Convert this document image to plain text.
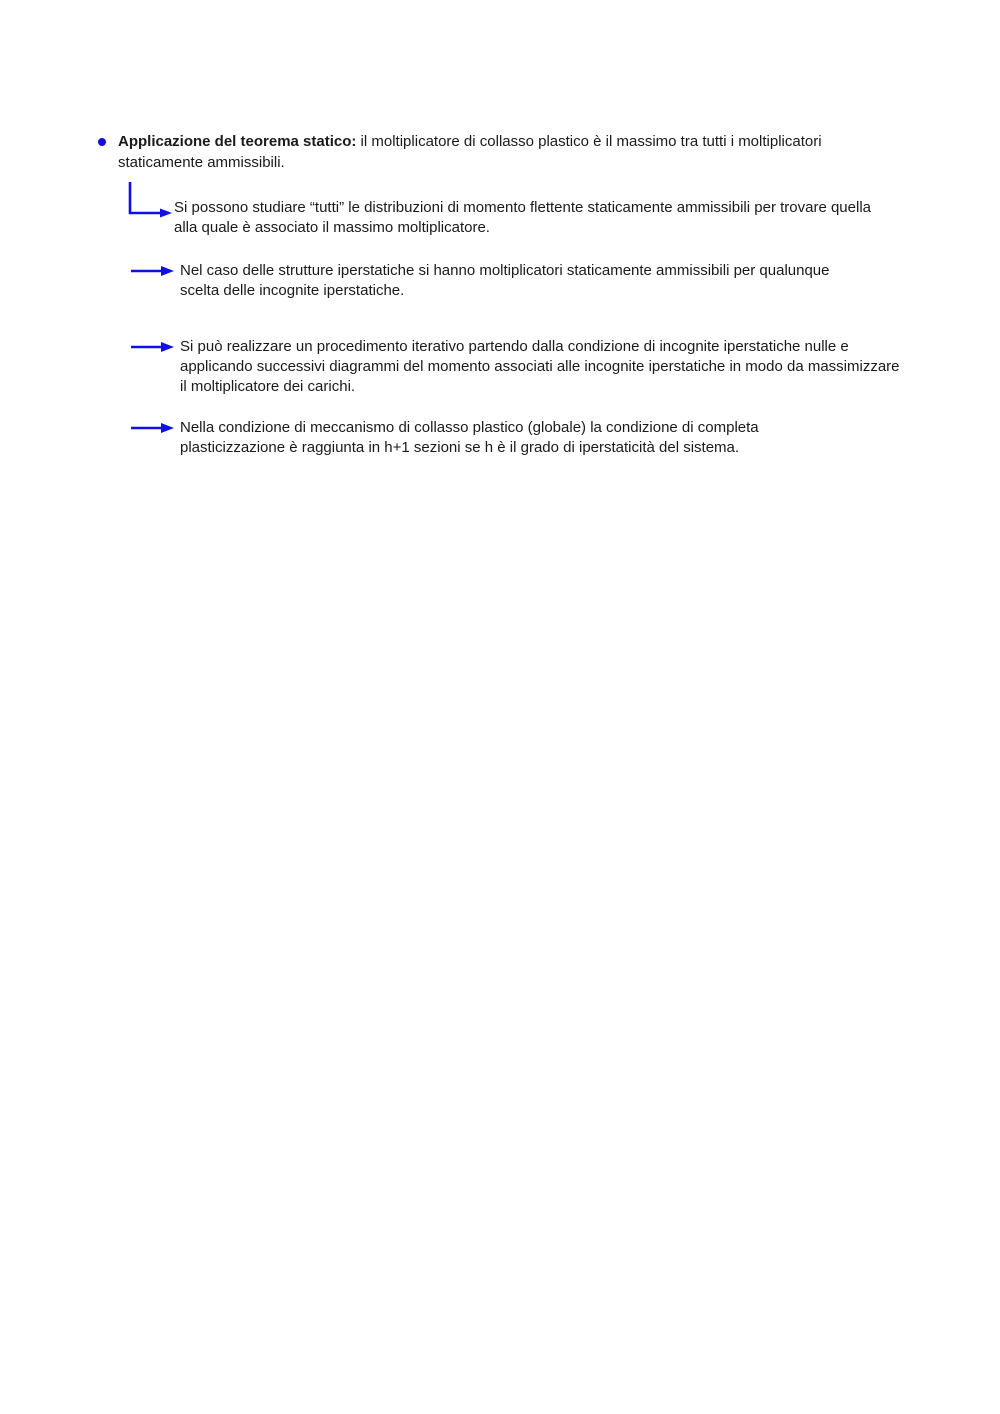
Applicazione del teorema statico: il moltiplicatore di collasso plastico è il massimo tra tutti i moltiplicatori staticamente ammissibili.

Si possono studiare “tutti” le distribuzioni di momento flettente staticamente ammissibili per trovare quella alla quale è associato il massimo moltiplicatore.

Nel caso delle strutture iperstatiche si hanno moltiplicatori staticamente ammissibili per qualunque scelta delle incognite iperstatiche.

Si può realizzare un procedimento iterativo partendo dalla condizione di incognite iperstatiche nulle e applicando successivi diagrammi del momento associati alle incognite iperstatiche in modo da massimizzare il moltiplicatore dei carichi.

Nella condizione di meccanismo di collasso plastico (globale) la condizione di completa plasticizzazione è raggiunta in h+1 sezioni se h è il grado di iperstaticità del sistema.
